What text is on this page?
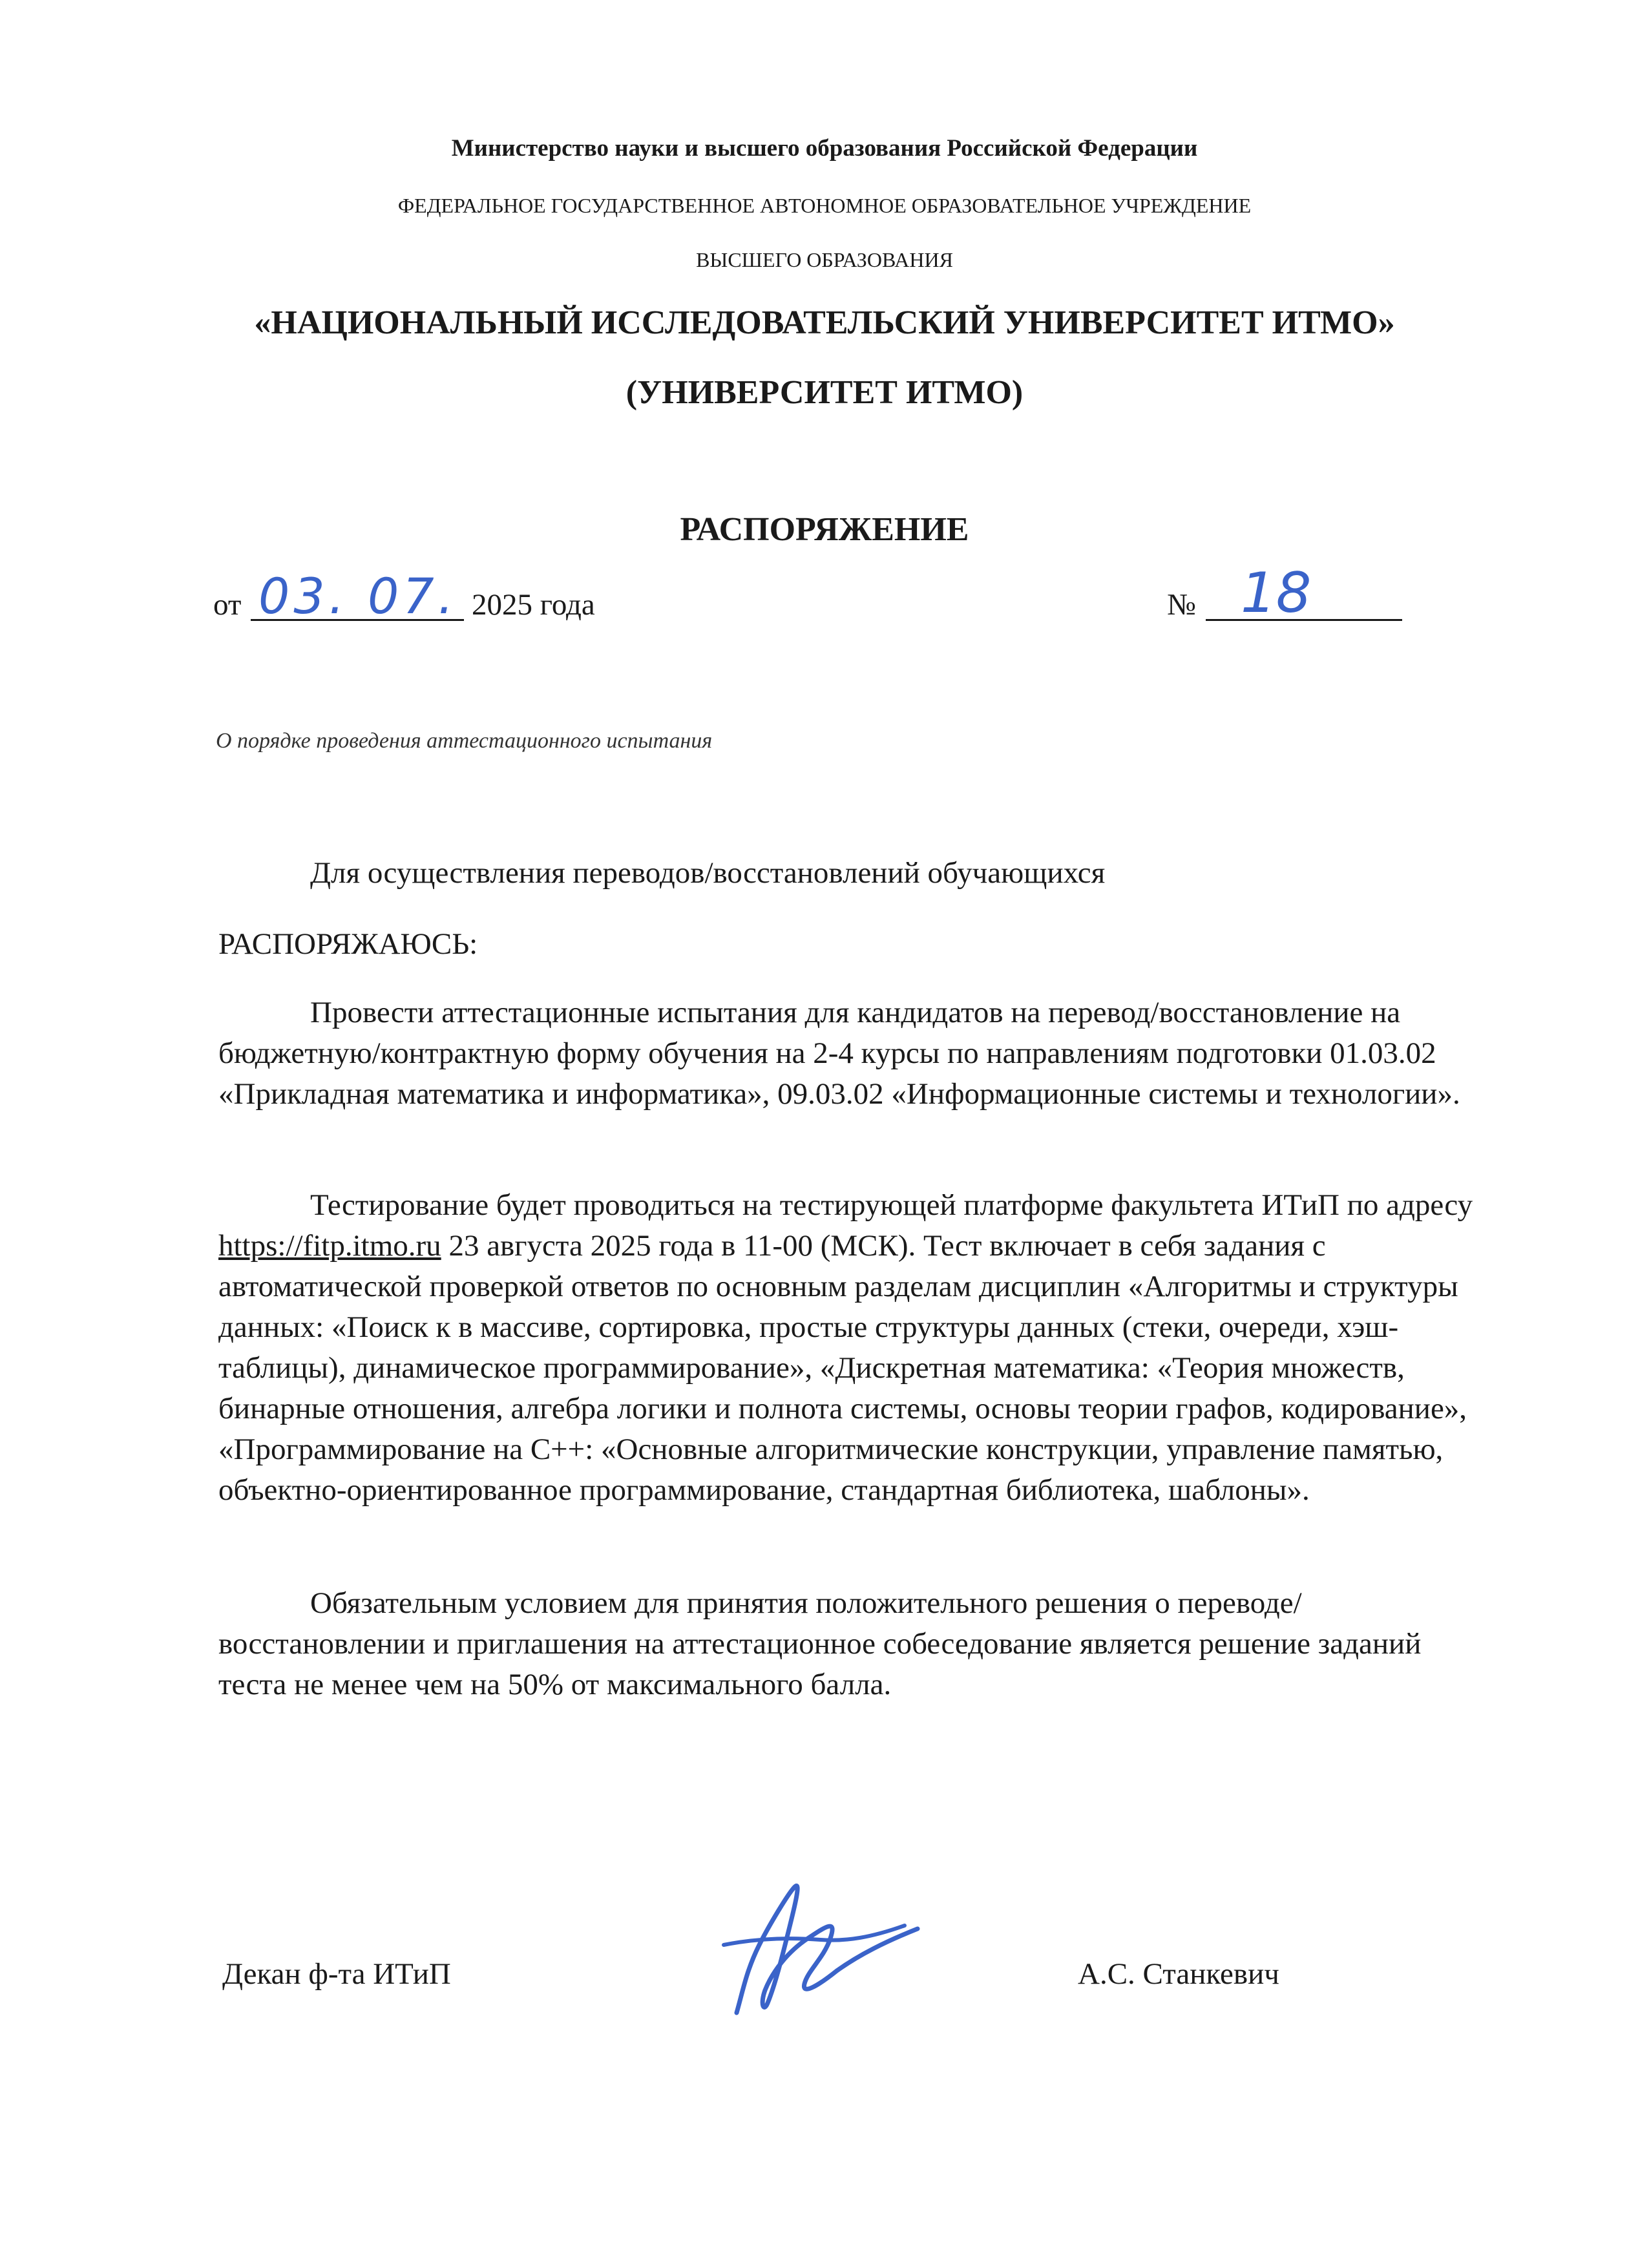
Министерство науки и высшего образования Российской Федерации
ФЕДЕРАЛЬНОЕ ГОСУДАРСТВЕННОЕ АВТОНОМНОЕ ОБРАЗОВАТЕЛЬНОЕ УЧРЕЖДЕНИЕ
ВЫСШЕГО ОБРАЗОВАНИЯ
«НАЦИОНАЛЬНЫЙ ИССЛЕДОВАТЕЛЬСКИЙ УНИВЕРСИТЕТ ИТМО»
(УНИВЕРСИТЕТ ИТМО)
РАСПОРЯЖЕНИЕ
от 03. 07. 2025 года	№ 18
О порядке проведения аттестационного испытания
Для осуществления переводов/восстановлений обучающихся
РАСПОРЯЖАЮСЬ:
Провести аттестационные испытания для кандидатов на перевод/восстановление на бюджетную/контрактную форму обучения на 2-4 курсы по направлениям подготовки 01.03.02 «Прикладная математика и информатика», 09.03.02 «Информационные системы и технологии».
Тестирование будет проводиться на тестирующей платформе факультета ИТиП по адресу https://fitp.itmo.ru 23 августа 2025 года в 11-00 (МСК). Тест включает в себя задания с автоматической проверкой ответов по основным разделам дисциплин «Алгоритмы и структуры данных: «Поиск к в массиве, сортировка, простые структуры данных (стеки, очереди, хэш-таблицы), динамическое программирование», «Дискретная математика: «Теория множеств, бинарные отношения, алгебра логики и полнота системы, основы теории графов, кодирование», «Программирование на С++: «Основные алгоритмические конструкции, управление памятью, объектно-ориентированное программирование, стандартная библиотека, шаблоны».
Обязательным условием для принятия положительного решения о переводе/восстановлении и приглашения на аттестационное собеседование является решение заданий теста не менее чем на 50% от максимального балла.
Декан ф-та ИТиП	А.С. Станкевич
